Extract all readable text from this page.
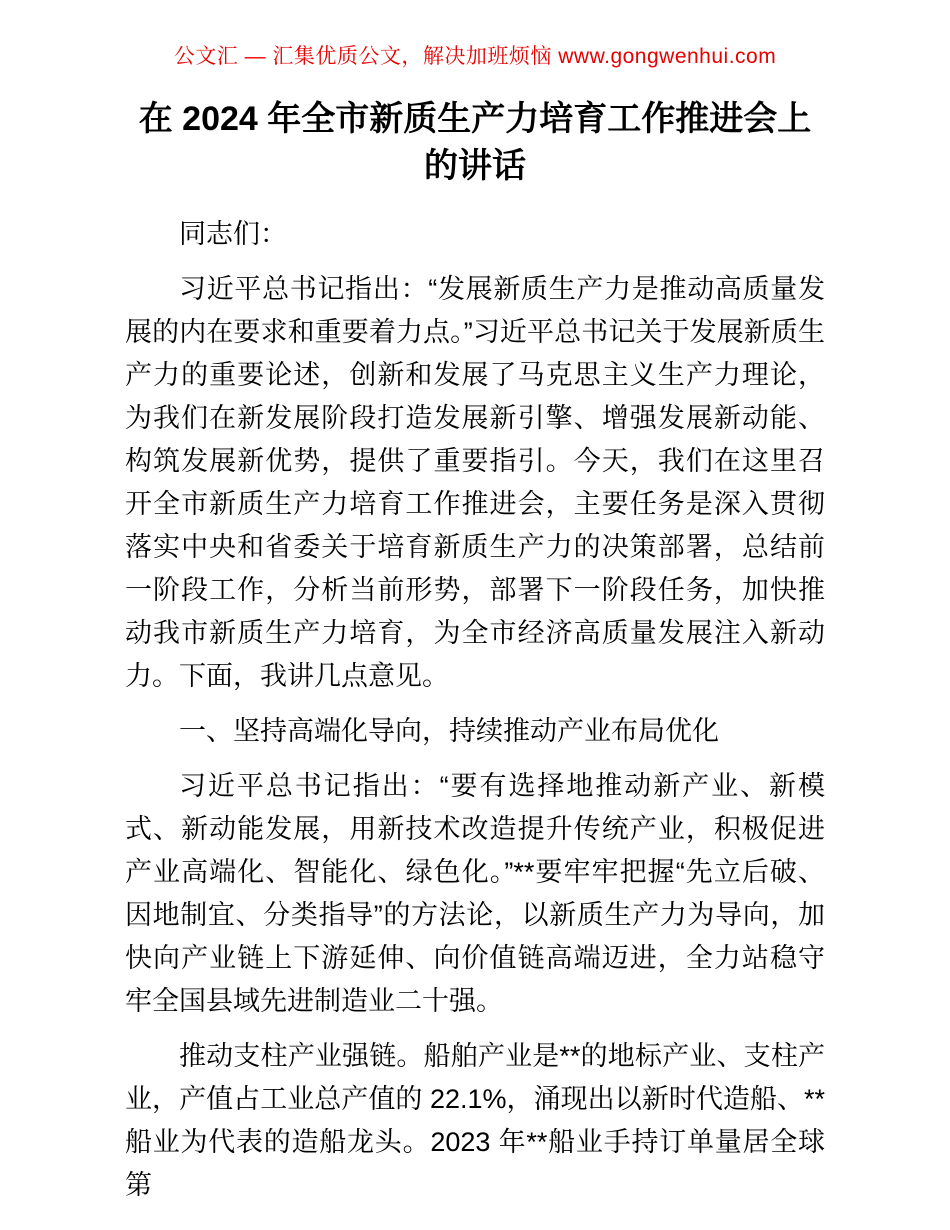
公文汇 — 汇集优质公文，解决加班烦恼 www.gongwenhui.com
在 2024 年全市新质生产力培育工作推进会上的讲话

同志们：

习近平总书记指出：“发展新质生产力是推动高质量发展的内在要求和重要着力点。”习近平总书记关于发展新质生产力的重要论述，创新和发展了马克思主义生产力理论，为我们在新发展阶段打造发展新引擎、增强发展新动能、构筑发展新优势，提供了重要指引。今天，我们在这里召开全市新质生产力培育工作推进会，主要任务是深入贯彻落实中央和省委关于培育新质生产力的决策部署，总结前一阶段工作，分析当前形势，部署下一阶段任务，加快推动我市新质生产力培育，为全市经济高质量发展注入新动力。下面，我讲几点意见。

一、坚持高端化导向，持续推动产业布局优化

习近平总书记指出：“要有选择地推动新产业、新模式、新动能发展，用新技术改造提升传统产业，积极促进产业高端化、智能化、绿色化。”**要牢牢把握“先立后破、因地制宜、分类指导”的方法论，以新质生产力为导向，加快向产业链上下游延伸、向价值链高端迈进，全力站稳守牢全国县域先进制造业二十强。

推动支柱产业强链。船舶产业是**的地标产业、支柱产业，产值占工业总产值的 22.1%，涌现出以新时代造船、**船业为代表的造船龙头。2023 年**船业手持订单量居全球第
